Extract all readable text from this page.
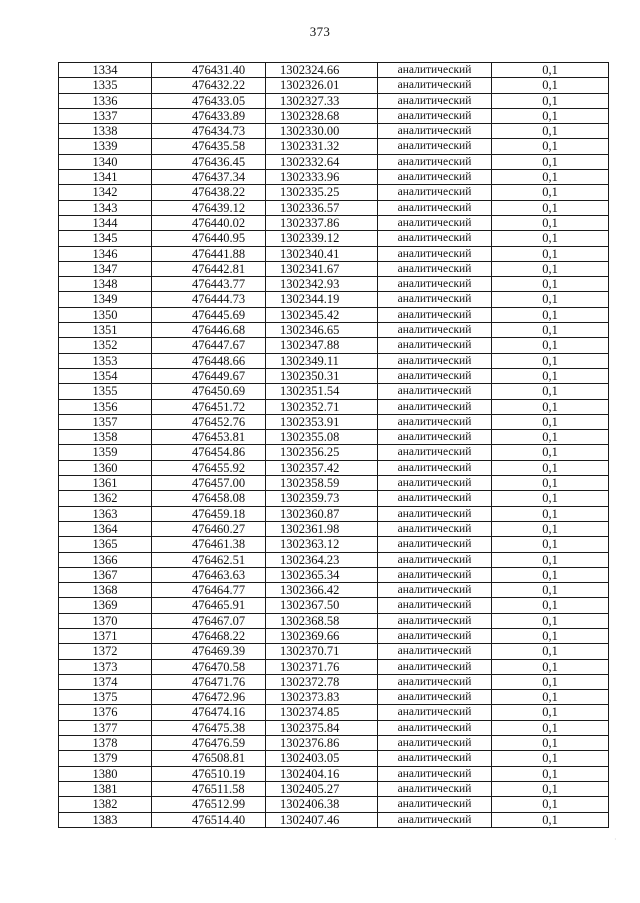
373
1334	476431.40	1302324.66	аналитический	0,1
1335	476432.22	1302326.01	аналитический	0,1
1336	476433.05	1302327.33	аналитический	0,1
1337	476433.89	1302328.68	аналитический	0,1
1338	476434.73	1302330.00	аналитический	0,1
1339	476435.58	1302331.32	аналитический	0,1
1340	476436.45	1302332.64	аналитический	0,1
1341	476437.34	1302333.96	аналитический	0,1
1342	476438.22	1302335.25	аналитический	0,1
1343	476439.12	1302336.57	аналитический	0,1
1344	476440.02	1302337.86	аналитический	0,1
1345	476440.95	1302339.12	аналитический	0,1
1346	476441.88	1302340.41	аналитический	0,1
1347	476442.81	1302341.67	аналитический	0,1
1348	476443.77	1302342.93	аналитический	0,1
1349	476444.73	1302344.19	аналитический	0,1
1350	476445.69	1302345.42	аналитический	0,1
1351	476446.68	1302346.65	аналитический	0,1
1352	476447.67	1302347.88	аналитический	0,1
1353	476448.66	1302349.11	аналитический	0,1
1354	476449.67	1302350.31	аналитический	0,1
1355	476450.69	1302351.54	аналитический	0,1
1356	476451.72	1302352.71	аналитический	0,1
1357	476452.76	1302353.91	аналитический	0,1
1358	476453.81	1302355.08	аналитический	0,1
1359	476454.86	1302356.25	аналитический	0,1
1360	476455.92	1302357.42	аналитический	0,1
1361	476457.00	1302358.59	аналитический	0,1
1362	476458.08	1302359.73	аналитический	0,1
1363	476459.18	1302360.87	аналитический	0,1
1364	476460.27	1302361.98	аналитический	0,1
1365	476461.38	1302363.12	аналитический	0,1
1366	476462.51	1302364.23	аналитический	0,1
1367	476463.63	1302365.34	аналитический	0,1
1368	476464.77	1302366.42	аналитический	0,1
1369	476465.91	1302367.50	аналитический	0,1
1370	476467.07	1302368.58	аналитический	0,1
1371	476468.22	1302369.66	аналитический	0,1
1372	476469.39	1302370.71	аналитический	0,1
1373	476470.58	1302371.76	аналитический	0,1
1374	476471.76	1302372.78	аналитический	0,1
1375	476472.96	1302373.83	аналитический	0,1
1376	476474.16	1302374.85	аналитический	0,1
1377	476475.38	1302375.84	аналитический	0,1
1378	476476.59	1302376.86	аналитический	0,1
1379	476508.81	1302403.05	аналитический	0,1
1380	476510.19	1302404.16	аналитический	0,1
1381	476511.58	1302405.27	аналитический	0,1
1382	476512.99	1302406.38	аналитический	0,1
1383	476514.40	1302407.46	аналитический	0,1
·
